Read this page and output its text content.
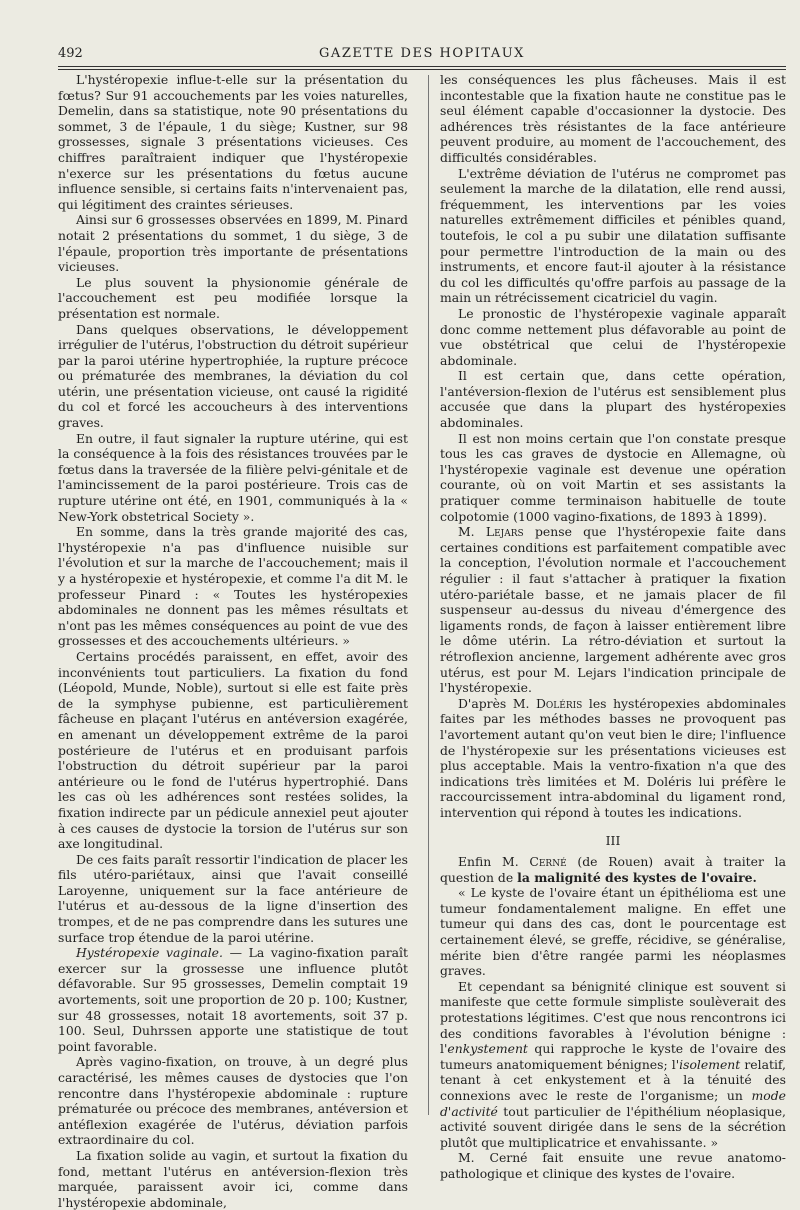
492	GAZETTE DES HOPITAUX

L'hystéropexie influe-t-elle sur la présentation du fœtus? Sur 91 accouchements par les voies naturelles, Demelin, dans sa statistique, note 90 présentations du sommet, 3 de l'épaule, 1 du siège; Kustner, sur 98 grossesses, signale 3 présentations vicieuses. Ces chiffres paraîtraient indiquer que l'hystéropexie n'exerce sur les présentations du fœtus aucune influence sensible, si certains faits n'intervenaient pas, qui légitiment des craintes sérieuses.

Ainsi sur 6 grossesses observées en 1899, M. Pinard notait 2 présentations du sommet, 1 du siège, 3 de l'épaule, proportion très importante de présentations vicieuses.

Le plus souvent la physionomie générale de l'accouchement est peu modifiée lorsque la présentation est normale.

Dans quelques observations, le développement irrégulier de l'utérus, l'obstruction du détroit supérieur par la paroi utérine hypertrophiée, la rupture précoce ou prématurée des membranes, la déviation du col utérin, une présentation vicieuse, ont causé la rigidité du col et forcé les accoucheurs à des interventions graves.

En outre, il faut signaler la rupture utérine, qui est la conséquence à la fois des résistances trouvées par le fœtus dans la traversée de la filière pelvi-génitale et de l'amincissement de la paroi postérieure. Trois cas de rupture utérine ont été, en 1901, communiqués à la « New-York obstetrical Society ».

En somme, dans la très grande majorité des cas, l'hystéropexie n'a pas d'influence nuisible sur l'évolution et sur la marche de l'accouchement; mais il y a hystéropexie et hystéropexie, et comme l'a dit M. le professeur Pinard : « Toutes les hystéropexies abdominales ne donnent pas les mêmes résultats et n'ont pas les mêmes conséquences au point de vue des grossesses et des accouchements ultérieurs. »

Certains procédés paraissent, en effet, avoir des inconvénients tout particuliers. La fixation du fond (Léopold, Munde, Noble), surtout si elle est faite près de la symphyse pubienne, est particulièrement fâcheuse en plaçant l'utérus en antéversion exagérée, en amenant un développement extrême de la paroi postérieure de l'utérus et en produisant parfois l'obstruction du détroit supérieur par la paroi antérieure ou le fond de l'utérus hypertrophié. Dans les cas où les adhérences sont restées solides, la fixation indirecte par un pédicule annexiel peut ajouter à ces causes de dystocie la torsion de l'utérus sur son axe longitudinal.

De ces faits paraît ressortir l'indication de placer les fils utéro-pariétaux, ainsi que l'avait conseillé Laroyenne, uniquement sur la face antérieure de l'utérus et au-dessous de la ligne d'insertion des trompes, et de ne pas comprendre dans les sutures une surface trop étendue de la paroi utérine.

Hystéropexie vaginale. — La vagino-fixation paraît exercer sur la grossesse une influence plutôt défavorable. Sur 95 grossesses, Demelin comptait 19 avortements, soit une proportion de 20 p. 100; Kustner, sur 48 grossesses, notait 18 avortements, soit 37 p. 100. Seul, Duhrssen apporte une statistique de tout point favorable.

Après vagino-fixation, on trouve, à un degré plus caractérisé, les mêmes causes de dystocies que l'on rencontre dans l'hystéropexie abdominale : rupture prématurée ou précoce des membranes, antéversion et antéflexion exagérée de l'utérus, déviation parfois extraordinaire du col.

La fixation solide au vagin, et surtout la fixation du fond, mettant l'utérus en antéversion-flexion très marquée, paraissent avoir ici, comme dans l'hystéropexie abdominale,

les conséquences les plus fâcheuses. Mais il est incontestable que la fixation haute ne constitue pas le seul élément capable d'occasionner la dystocie. Des adhérences très résistantes de la face antérieure peuvent produire, au moment de l'accouchement, des difficultés considérables.

L'extrême déviation de l'utérus ne compromet pas seulement la marche de la dilatation, elle rend aussi, fréquemment, les interventions par les voies naturelles extrêmement difficiles et pénibles quand, toutefois, le col a pu subir une dilatation suffisante pour permettre l'introduction de la main ou des instruments, et encore faut-il ajouter à la résistance du col les difficultés qu'offre parfois au passage de la main un rétrécissement cicatriciel du vagin.

Le pronostic de l'hystéropexie vaginale apparaît donc comme nettement plus défavorable au point de vue obstétrical que celui de l'hystéropexie abdominale.

Il est certain que, dans cette opération, l'antéversion-flexion de l'utérus est sensiblement plus accusée que dans la plupart des hystéropexies abdominales.

Il est non moins certain que l'on constate presque tous les cas graves de dystocie en Allemagne, où l'hystéropexie vaginale est devenue une opération courante, où on voit Martin et ses assistants la pratiquer comme terminaison habituelle de toute colpotomie (1000 vagino-fixations, de 1893 à 1899).

M. Lejars pense que l'hystéropexie faite dans certaines conditions est parfaitement compatible avec la conception, l'évolution normale et l'accouchement régulier : il faut s'attacher à pratiquer la fixation utéro-pariétale basse, et ne jamais placer de fil suspenseur au-dessus du niveau d'émergence des ligaments ronds, de façon à laisser entièrement libre le dôme utérin. La rétro-déviation et surtout la rétroflexion ancienne, largement adhérente avec gros utérus, est pour M. Lejars l'indication principale de l'hystéropexie.

D'après M. Doléris les hystéropexies abdominales faites par les méthodes basses ne provoquent pas l'avortement autant qu'on veut bien le dire; l'influence de l'hystéropexie sur les présentations vicieuses est plus acceptable. Mais la ventro-fixation n'a que des indications très limitées et M. Doléris lui préfère le raccourcissement intra-abdominal du ligament rond, intervention qui répond à toutes les indications.

III

Enfin M. Cerné (de Rouen) avait à traiter la question de la malignité des kystes de l'ovaire.

« Le kyste de l'ovaire étant un épithélioma est une tumeur fondamentalement maligne. En effet une tumeur qui dans des cas, dont le pourcentage est certainement élevé, se greffe, récidive, se généralise, mérite bien d'être rangée parmi les néoplasmes graves.

Et cependant sa bénignité clinique est souvent si manifeste que cette formule simpliste soulèverait des protestations légitimes. C'est que nous rencontrons ici des conditions favorables à l'évolution bénigne : l'enkystement qui rapproche le kyste de l'ovaire des tumeurs anatomiquement bénignes; l'isolement relatif, tenant à cet enkystement et à la ténuité des connexions avec le reste de l'organisme; un mode d'activité tout particulier de l'épithélium néoplasique, activité souvent dirigée dans le sens de la sécrétion plutôt que multiplicatrice et envahissante. »

M. Cerné fait ensuite une revue anatomo-pathologique et clinique des kystes de l'ovaire.
